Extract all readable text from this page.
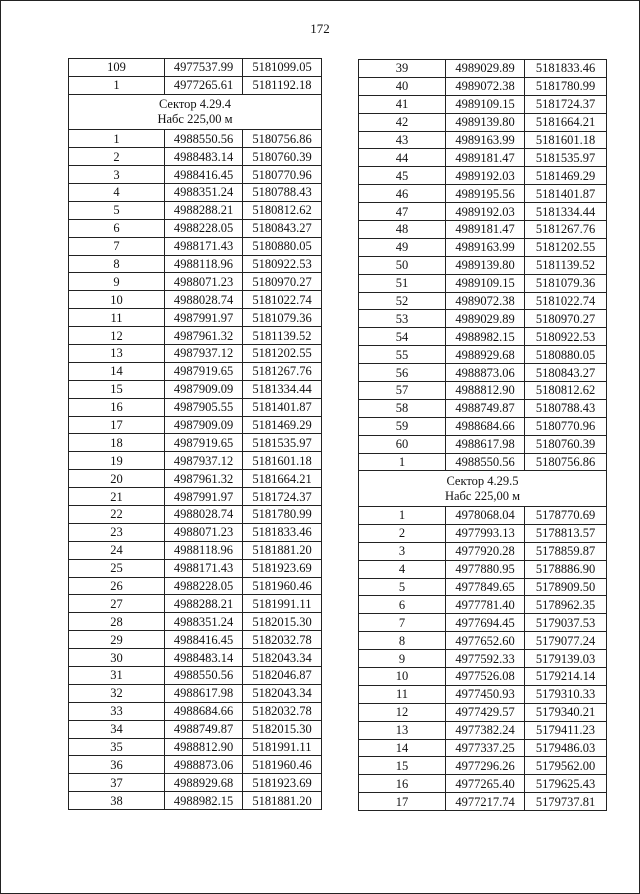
172
109	4977537.99	5181099.05
1	4977265.61	5181192.18

Сектор 4.29.4
Набс 225,00 м		

1	4988550.56	5180756.86
2	4988483.14	5180760.39
3	4988416.45	5180770.96
4	4988351.24	5180788.43
5	4988288.21	5180812.62
6	4988228.05	5180843.27
7	4988171.43	5180880.05
8	4988118.96	5180922.53
9	4988071.23	5180970.27
10	4988028.74	5181022.74
11	4987991.97	5181079.36
12	4987961.32	5181139.52
13	4987937.12	5181202.55
14	4987919.65	5181267.76
15	4987909.09	5181334.44
16	4987905.55	5181401.87
17	4987909.09	5181469.29
18	4987919.65	5181535.97
19	4987937.12	5181601.18
20	4987961.32	5181664.21
21	4987991.97	5181724.37
22	4988028.74	5181780.99
23	4988071.23	5181833.46
24	4988118.96	5181881.20
25	4988171.43	5181923.69
26	4988228.05	5181960.46
27	4988288.21	5181991.11
28	4988351.24	5182015.30
29	4988416.45	5182032.78
30	4988483.14	5182043.34
31	4988550.56	5182046.87
32	4988617.98	5182043.34
33	4988684.66	5182032.78
34	4988749.87	5182015.30
35	4988812.90	5181991.11
36	4988873.06	5181960.46
37	4988929.68	5181923.69
38	4988982.15	5181881.20
39	4989029.89	5181833.46
40	4989072.38	5181780.99
41	4989109.15	5181724.37
42	4989139.80	5181664.21
43	4989163.99	5181601.18
44	4989181.47	5181535.97
45	4989192.03	5181469.29
46	4989195.56	5181401.87
47	4989192.03	5181334.44
48	4989181.47	5181267.76
49	4989163.99	5181202.55
50	4989139.80	5181139.52
51	4989109.15	5181079.36
52	4989072.38	5181022.74
53	4989029.89	5180970.27
54	4988982.15	5180922.53
55	4988929.68	5180880.05
56	4988873.06	5180843.27
57	4988812.90	5180812.62
58	4988749.87	5180788.43
59	4988684.66	5180770.96
60	4988617.98	5180760.39
1	4988550.56	5180756.86

Сектор 4.29.5
Набс 225,00 м		

1	4978068.04	5178770.69
2	4977993.13	5178813.57
3	4977920.28	5178859.87
4	4977880.95	5178886.90
5	4977849.65	5178909.50
6	4977781.40	5178962.35
7	4977694.45	5179037.53
8	4977652.60	5179077.24
9	4977592.33	5179139.03
10	4977526.08	5179214.14
11	4977450.93	5179310.33
12	4977429.57	5179340.21
13	4977382.24	5179411.23
14	4977337.25	5179486.03
15	4977296.26	5179562.00
16	4977265.40	5179625.43
17	4977217.74	5179737.81
